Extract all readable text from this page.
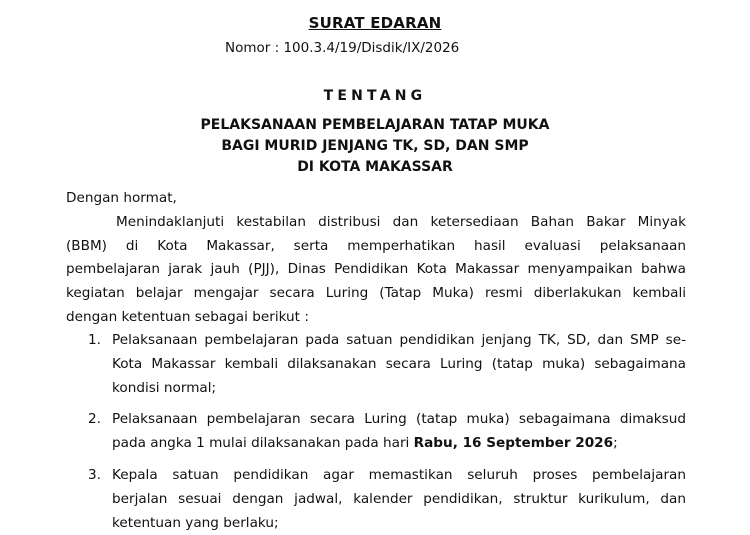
SURAT EDARAN
Nomor : 100.3.4/19/Disdik/IX/2026
TENTANG
PELAKSANAAN PEMBELAJARAN TATAP MUKA
BAGI MURID JENJANG TK, SD, DAN SMP
DI KOTA MAKASSAR
Dengan hormat,
Menindaklanjuti kestabilan distribusi dan ketersediaan Bahan Bakar Minyak
(BBM) di Kota Makassar, serta memperhatikan hasil evaluasi pelaksanaan
pembelajaran jarak jauh (PJJ), Dinas Pendidikan Kota Makassar menyampaikan bahwa
kegiatan belajar mengajar secara Luring (Tatap Muka) resmi diberlakukan kembali
dengan ketentuan sebagai berikut :
1. Pelaksanaan pembelajaran pada satuan pendidikan jenjang TK, SD, dan SMP se-
Kota Makassar kembali dilaksanakan secara Luring (tatap muka) sebagaimana
kondisi normal;
2. Pelaksanaan pembelajaran secara Luring (tatap muka) sebagaimana dimaksud
pada angka 1 mulai dilaksanakan pada hari Rabu, 16 September 2026;
3. Kepala satuan pendidikan agar memastikan seluruh proses pembelajaran
berjalan sesuai dengan jadwal, kalender pendidikan, struktur kurikulum, dan
ketentuan yang berlaku;
